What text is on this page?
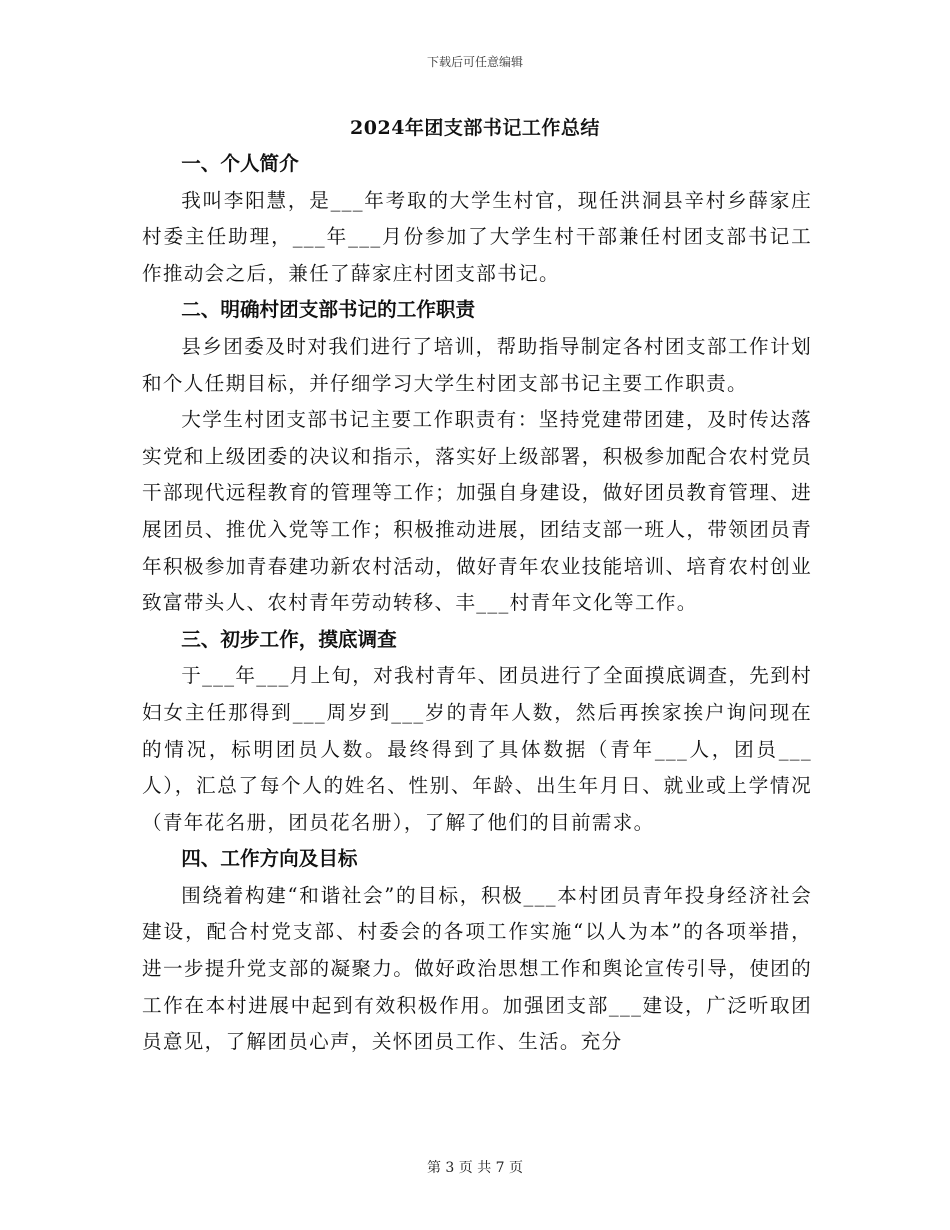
下载后可任意编辑
2024年团支部书记工作总结

一、个人简介

我叫李阳慧，是___年考取的大学生村官，现任洪洞县辛村乡薛家庄村委主任助理，___年___月份参加了大学生村干部兼任村团支部书记工作推动会之后，兼任了薛家庄村团支部书记。

二、明确村团支部书记的工作职责

县乡团委及时对我们进行了培训，帮助指导制定各村团支部工作计划和个人任期目标，并仔细学习大学生村团支部书记主要工作职责。

大学生村团支部书记主要工作职责有：坚持党建带团建，及时传达落实党和上级团委的决议和指示，落实好上级部署，积极参加配合农村党员干部现代远程教育的管理等工作；加强自身建设，做好团员教育管理、进展团员、推优入党等工作；积极推动进展，团结支部一班人，带领团员青年积极参加青春建功新农村活动，做好青年农业技能培训、培育农村创业致富带头人、农村青年劳动转移、丰___村青年文化等工作。

三、初步工作，摸底调查

于___年___月上旬，对我村青年、团员进行了全面摸底调查，先到村妇女主任那得到___周岁到___岁的青年人数，然后再挨家挨户询问现在的情况，标明团员人数。最终得到了具体数据（青年___人，团员___人），汇总了每个人的姓名、性别、年龄、出生年月日、就业或上学情况（青年花名册，团员花名册），了解了他们的目前需求。

四、工作方向及目标

围绕着构建“和谐社会”的目标，积极___本村团员青年投身经济社会建设，配合村党支部、村委会的各项工作实施“以人为本”的各项举措，进一步提升党支部的凝聚力。做好政治思想工作和舆论宣传引导，使团的工作在本村进展中起到有效积极作用。加强团支部___建设，广泛听取团员意见，了解团员心声，关怀团员工作、生活。充分

第 3 页 共 7 页
